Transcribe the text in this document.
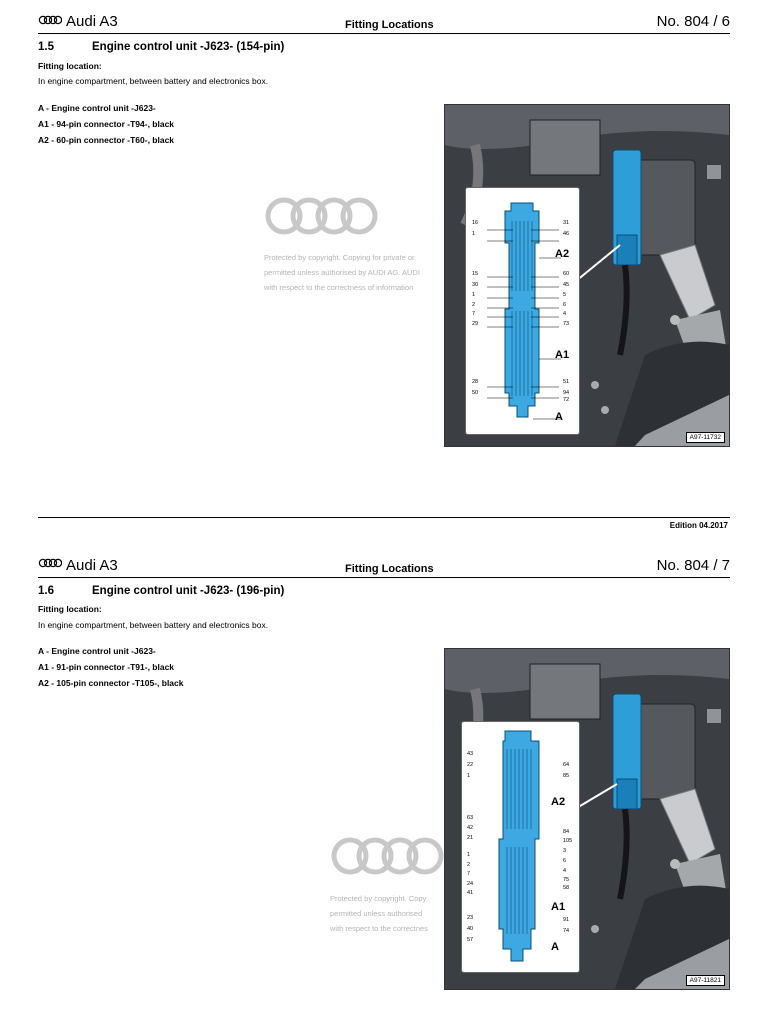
Audi A3	Fitting Locations	No. 804 / 6
1.5	Engine control unit -J623- (154-pin)
Fitting location:
In engine compartment, between battery and electronics box.
A - Engine control unit -J623-
A1 - 94-pin connector -T94-, black
A2 - 60-pin connector -T60-, black
Protected by copyright. Copying for private or
permitted unless authorised by AUDI AG. AUDI
with respect to the correctness of information
16
1
15
30
1
2
7
29
28
50
31
46
60
45
5
6
4
73
51
94
72
A2
A1
A
A97-11732
Edition 04.2017
Audi A3	Fitting Locations	No. 804 / 7
1.6	Engine control unit -J623- (196-pin)
Fitting location:
In engine compartment, between battery and electronics box.
A - Engine control unit -J623-
A1 - 91-pin connector -T91-, black
A2 - 105-pin connector -T105-, black
Protected by copyright. Copy
permitted unless authorised
with respect to the correctnes
43
22
1
63
42
21
1
2
7
24
41
23
40
57
64
85
84
105
3
6
4
75
58
91
74
A2
A1
A
A97-11821
